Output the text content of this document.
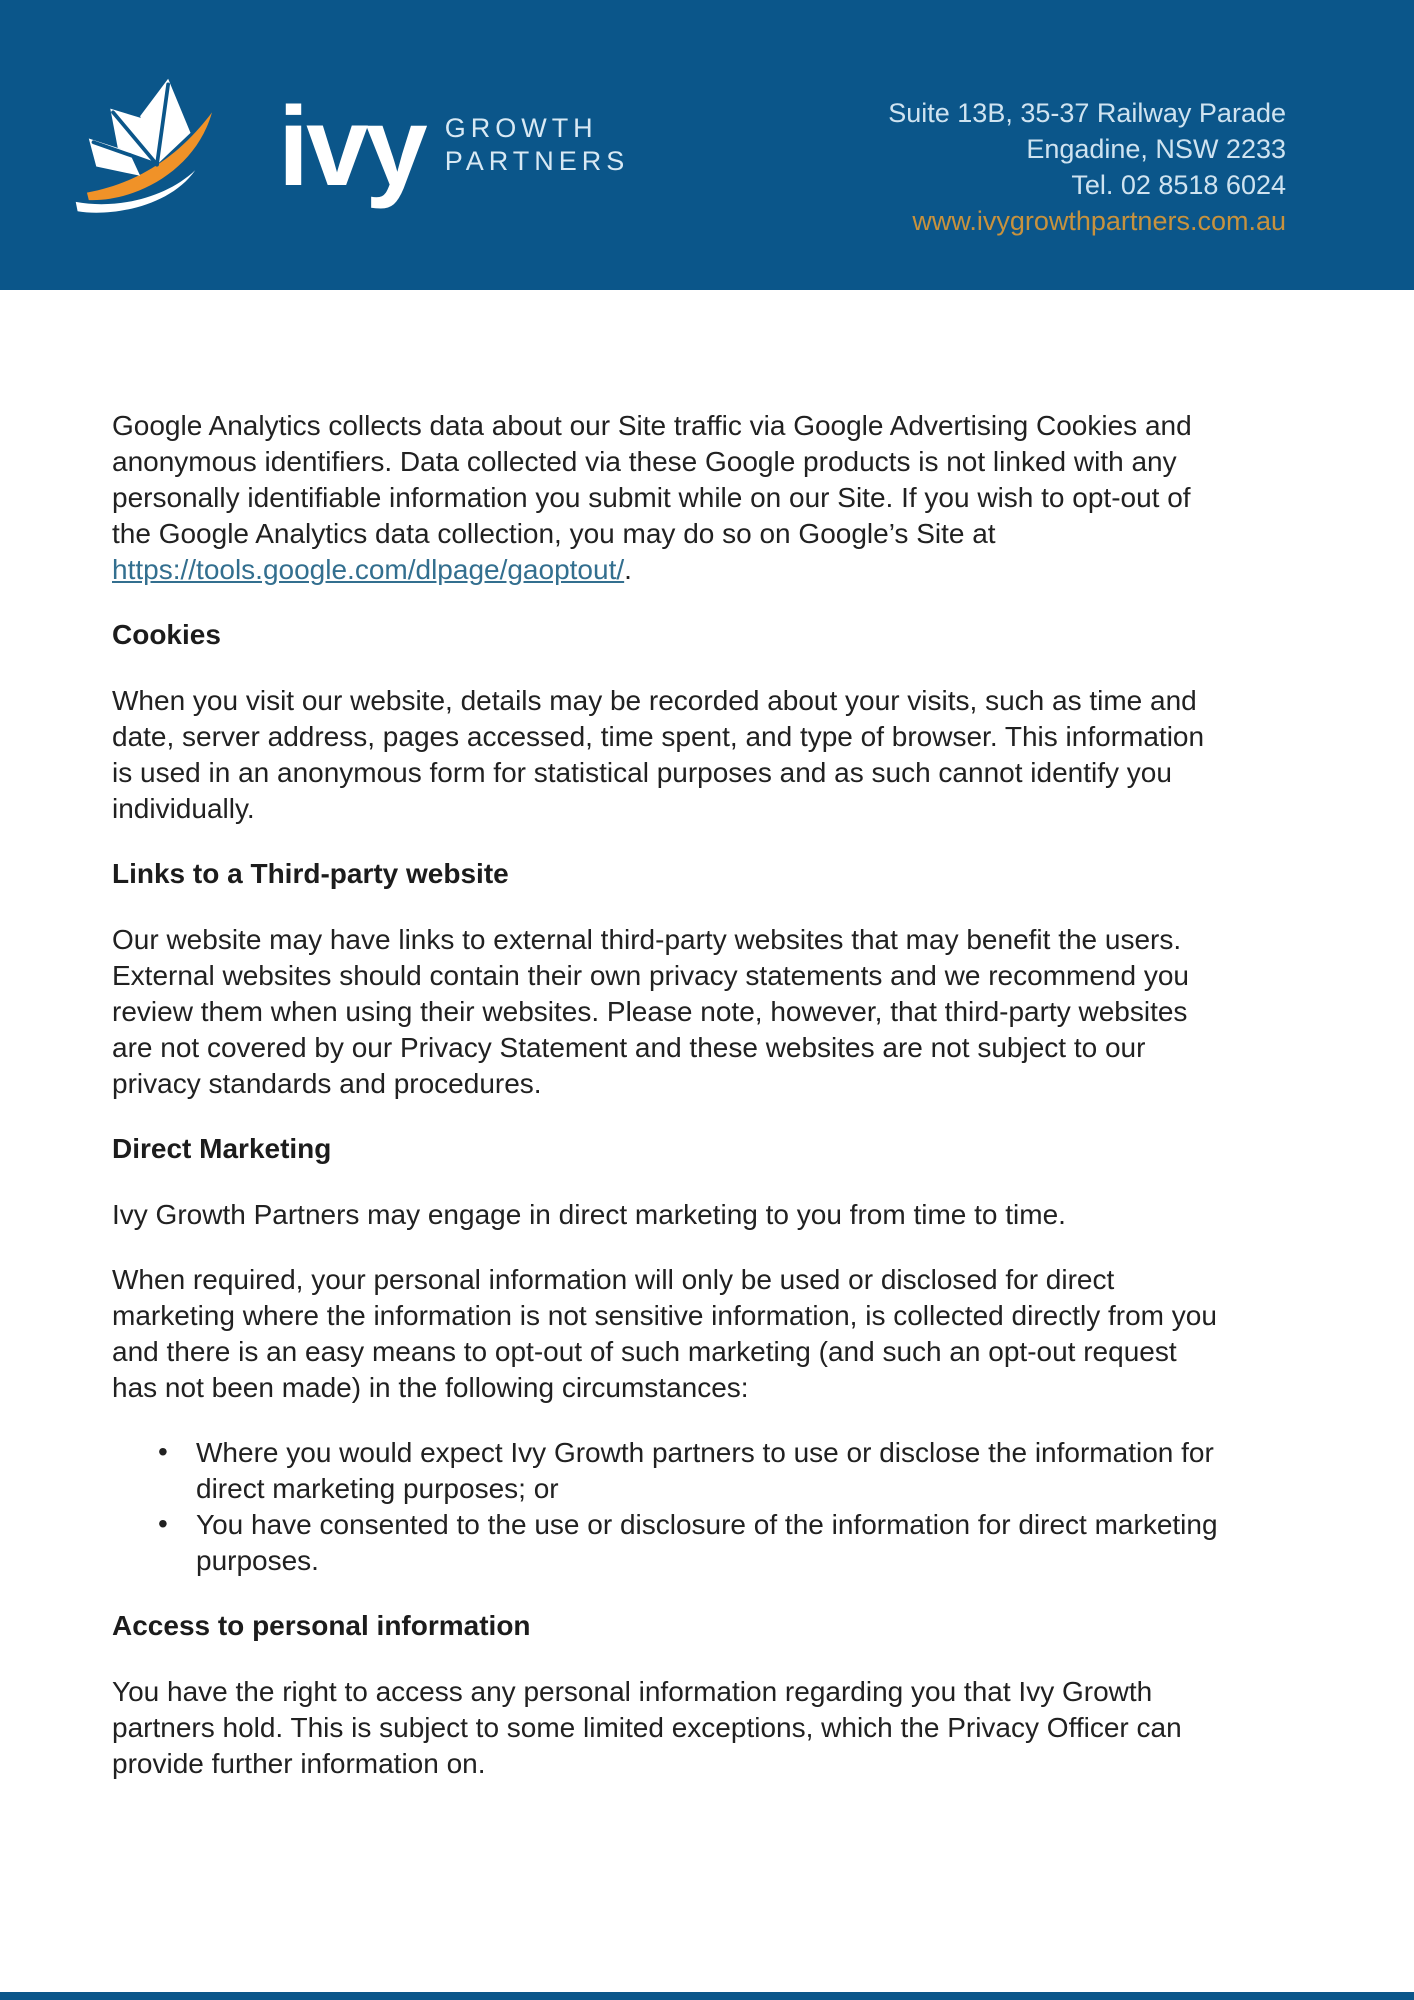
ivy GROWTH
PARTNERS
Suite 13B, 35-37 Railway Parade
Engadine, NSW 2233
Tel. 02 8518 6024
www.ivygrowthpartners.com.au

Google Analytics collects data about our Site traffic via Google Advertising Cookies and anonymous identifiers. Data collected via these Google products is not linked with any personally identifiable information you submit while on our Site. If you wish to opt-out of the Google Analytics data collection, you may do so on Google’s Site at https://tools.google.com/dlpage/gaoptout/.

Cookies

When you visit our website, details may be recorded about your visits, such as time and date, server address, pages accessed, time spent, and type of browser. This information is used in an anonymous form for statistical purposes and as such cannot identify you individually.

Links to a Third-party website

Our website may have links to external third-party websites that may benefit the users. External websites should contain their own privacy statements and we recommend you review them when using their websites. Please note, however, that third-party websites are not covered by our Privacy Statement and these websites are not subject to our privacy standards and procedures.

Direct Marketing

Ivy Growth Partners may engage in direct marketing to you from time to time.

When required, your personal information will only be used or disclosed for direct marketing where the information is not sensitive information, is collected directly from you and there is an easy means to opt-out of such marketing (and such an opt-out request has not been made) in the following circumstances:

• Where you would expect Ivy Growth partners to use or disclose the information for direct marketing purposes; or
• You have consented to the use or disclosure of the information for direct marketing purposes.
Access to personal information

You have the right to access any personal information regarding you that Ivy Growth partners hold. This is subject to some limited exceptions, which the Privacy Officer can provide further information on.
